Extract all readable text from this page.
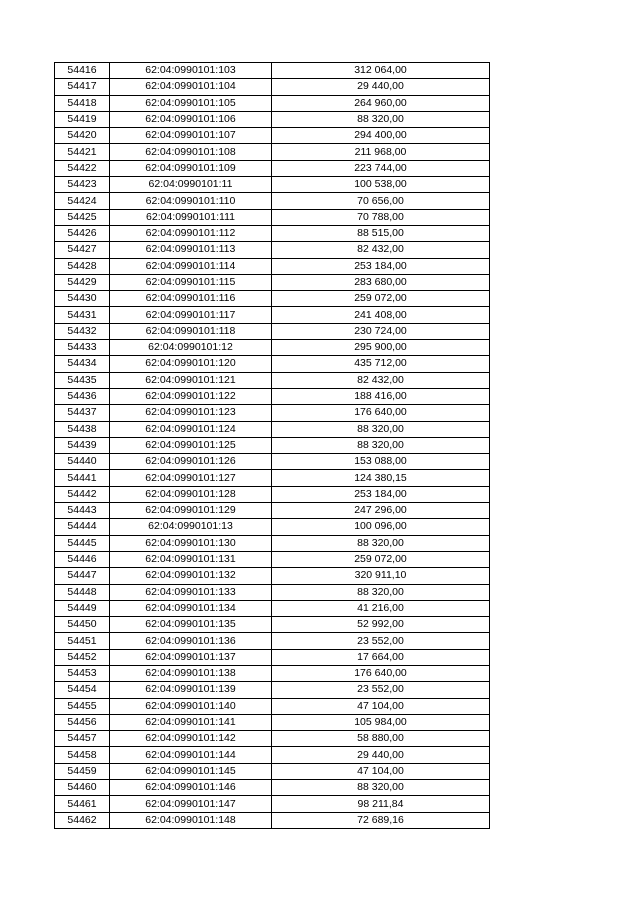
54416	62:04:0990101:103	312 064,00
54417	62:04:0990101:104	29 440,00
54418	62:04:0990101:105	264 960,00
54419	62:04:0990101:106	88 320,00
54420	62:04:0990101:107	294 400,00
54421	62:04:0990101:108	211 968,00
54422	62:04:0990101:109	223 744,00
54423	62:04:0990101:11	100 538,00
54424	62:04:0990101:110	70 656,00
54425	62:04:0990101:111	70 788,00
54426	62:04:0990101:112	88 515,00
54427	62:04:0990101:113	82 432,00
54428	62:04:0990101:114	253 184,00
54429	62:04:0990101:115	283 680,00
54430	62:04:0990101:116	259 072,00
54431	62:04:0990101:117	241 408,00
54432	62:04:0990101:118	230 724,00
54433	62:04:0990101:12	295 900,00
54434	62:04:0990101:120	435 712,00
54435	62:04:0990101:121	82 432,00
54436	62:04:0990101:122	188 416,00
54437	62:04:0990101:123	176 640,00
54438	62:04:0990101:124	88 320,00
54439	62:04:0990101:125	88 320,00
54440	62:04:0990101:126	153 088,00
54441	62:04:0990101:127	124 380,15
54442	62:04:0990101:128	253 184,00
54443	62:04:0990101:129	247 296,00
54444	62:04:0990101:13	100 096,00
54445	62:04:0990101:130	88 320,00
54446	62:04:0990101:131	259 072,00
54447	62:04:0990101:132	320 911,10
54448	62:04:0990101:133	88 320,00
54449	62:04:0990101:134	41 216,00
54450	62:04:0990101:135	52 992,00
54451	62:04:0990101:136	23 552,00
54452	62:04:0990101:137	17 664,00
54453	62:04:0990101:138	176 640,00
54454	62:04:0990101:139	23 552,00
54455	62:04:0990101:140	47 104,00
54456	62:04:0990101:141	105 984,00
54457	62:04:0990101:142	58 880,00
54458	62:04:0990101:144	29 440,00
54459	62:04:0990101:145	47 104,00
54460	62:04:0990101:146	88 320,00
54461	62:04:0990101:147	98 211,84
54462	62:04:0990101:148	72 689,16
